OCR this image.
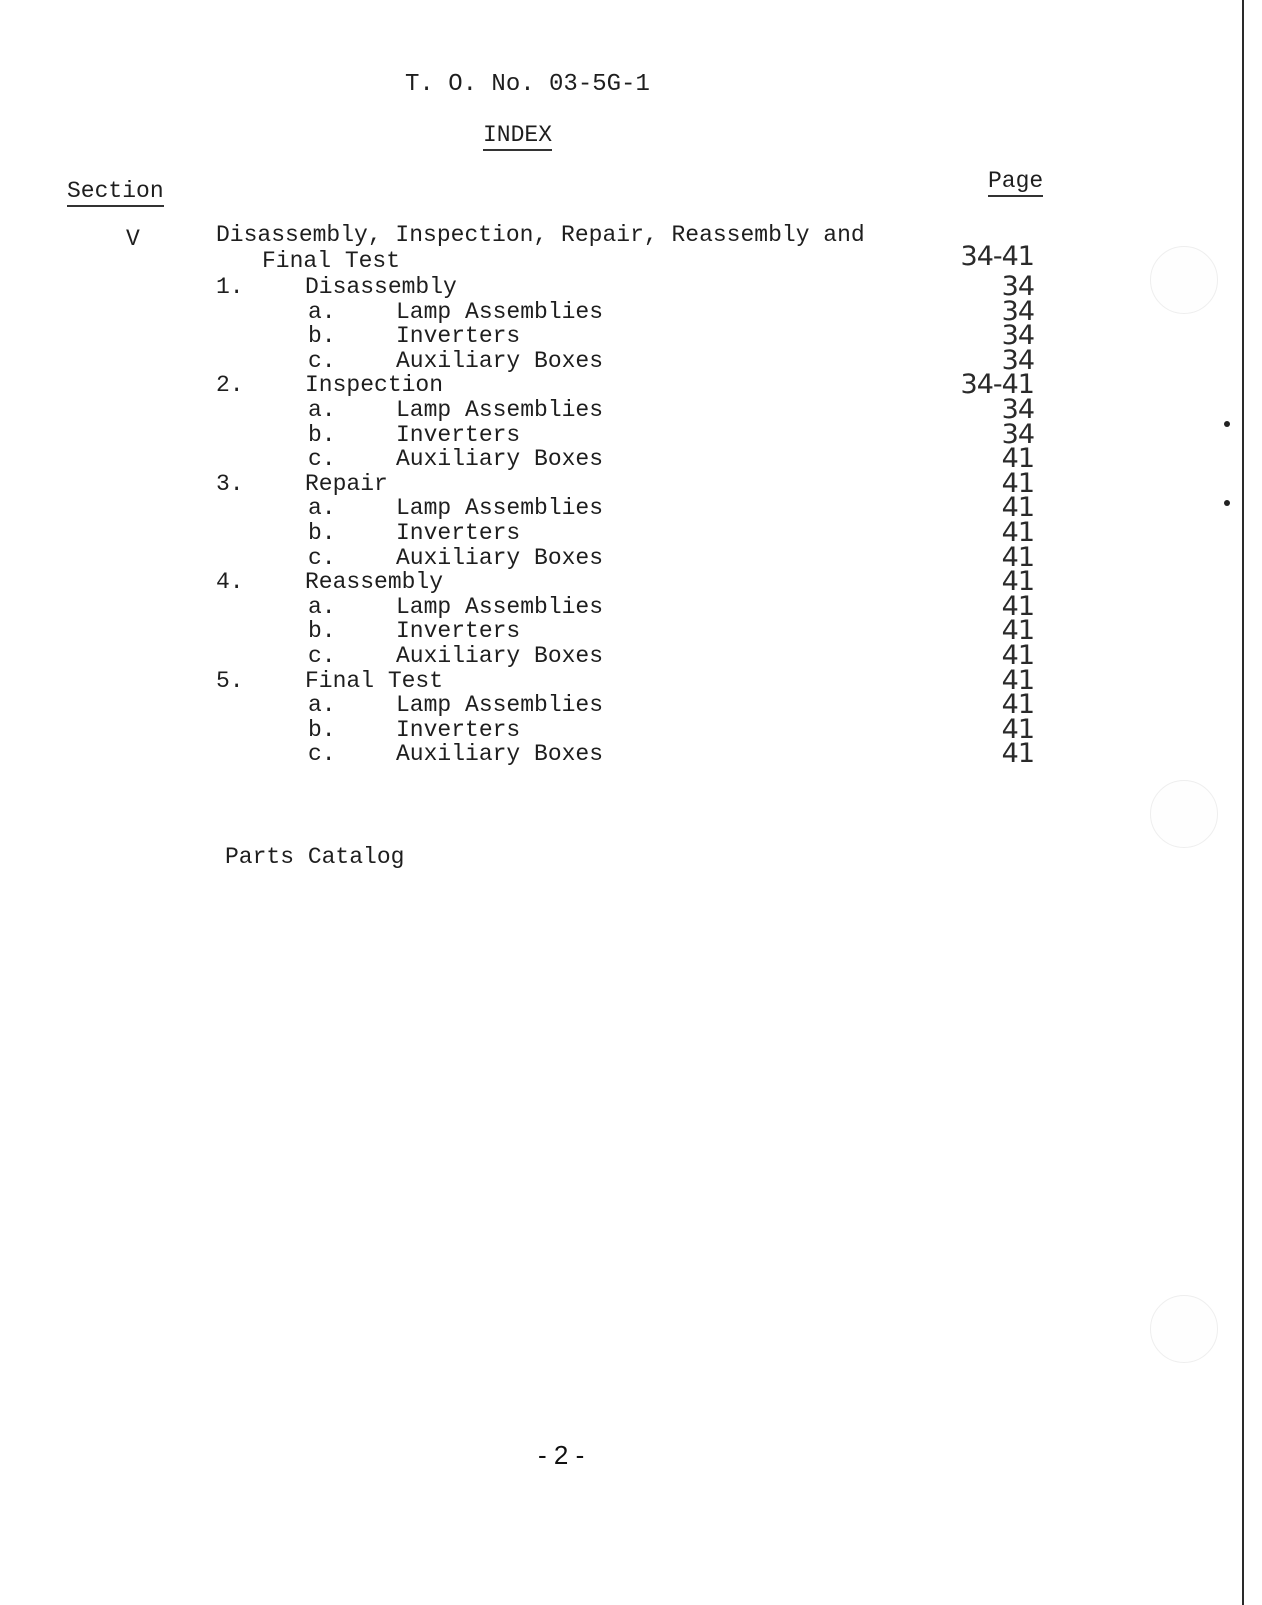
T. O. No. 03-5G-1
INDEX
Section	Page
V	Disassembly, Inspection, Repair, Reassembly and
Final Test	34-41
1.	Disassembly	34
a.	Lamp Assemblies	34
b.	Inverters	34
c.	Auxiliary Boxes	34
2.	Inspection	34-41
a.	Lamp Assemblies	34
b.	Inverters	34
c.	Auxiliary Boxes	41
3.	Repair	41
a.	Lamp Assemblies	41
b.	Inverters	41
c.	Auxiliary Boxes	41
4.	Reassembly	41
a.	Lamp Assemblies	41
b.	Inverters	41
c.	Auxiliary Boxes	41
5.	Final Test	41
a.	Lamp Assemblies	41
b.	Inverters	41
c.	Auxiliary Boxes	41
Parts Catalog
- 2 -
